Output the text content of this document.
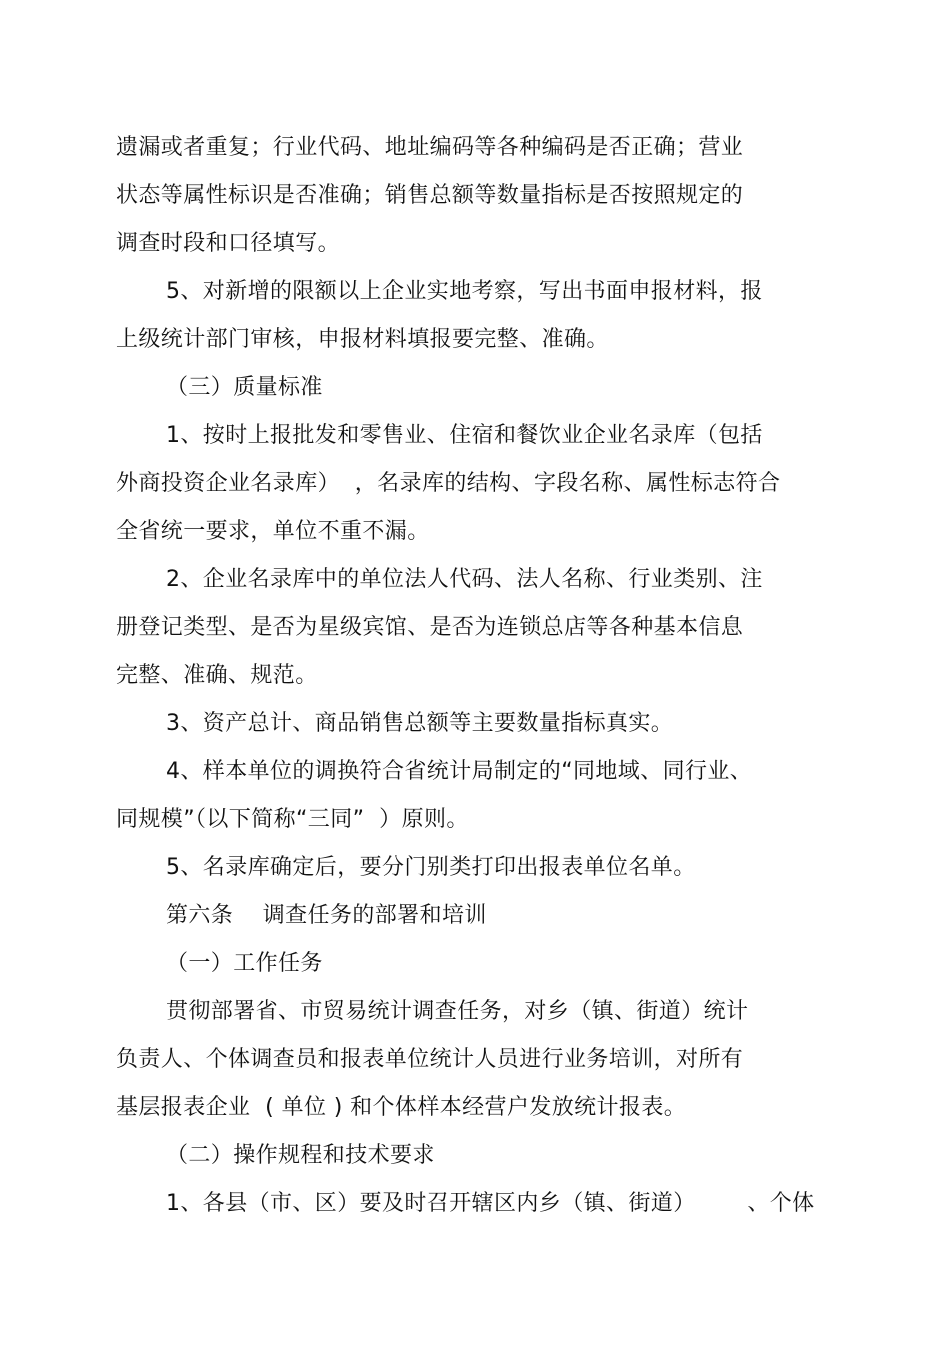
遗漏或者重复；行业代码、地址编码等各种编码是否正确；营业
状态等属性标识是否准确；销售总额等数量指标是否按照规定的
调查时段和口径填写。
5、对新增的限额以上企业实地考察，写出书面申报材料，报
上级统计部门审核，申报材料填报要完整、准确。
（三）质量标准
1、按时上报批发和零售业、住宿和餐饮业企业名录库（包括
外商投资企业名录库）  ，名录库的结构、字段名称、属性标志符合
全省统一要求，单位不重不漏。
2、企业名录库中的单位法人代码、法人名称、行业类别、注
册登记类型、是否为星级宾馆、是否为连锁总店等各种基本信息
完整、准确、规范。
3、资产总计、商品销售总额等主要数量指标真实。
4、样本单位的调换符合省统计局制定的“同地域、同行业、
同规模”（以下简称“三同”  ）原则。
5、名录库确定后，要分门别类打印出报表单位名单。
第六条    调查任务的部署和培训
（一）工作任务
贯彻部署省、市贸易统计调查任务，对乡（镇、街道）统计
负责人、个体调查员和报表单位统计人员进行业务培训，对所有
基层报表企业  ( 单位 ) 和个体样本经营户发放统计报表。
（二）操作规程和技术要求
1、各县（市、区）要及时召开辖区内乡（镇、街道）       、个体
